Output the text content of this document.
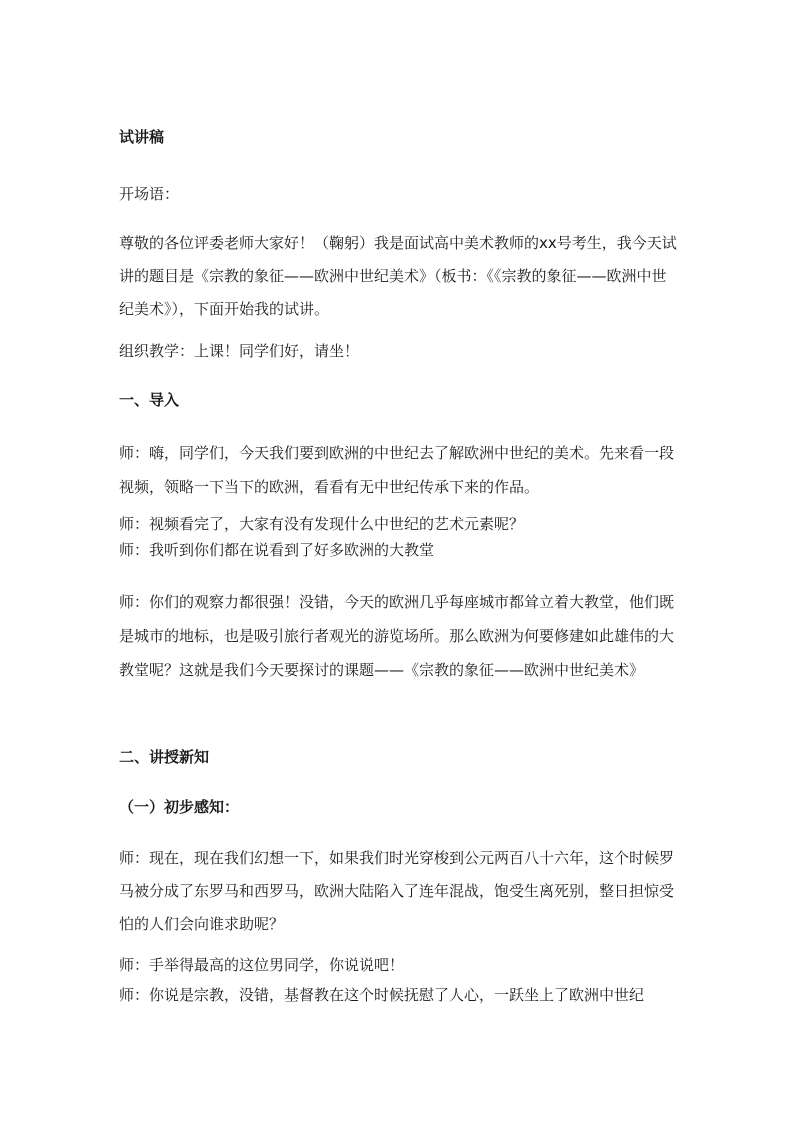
试讲稿

开场语：

尊敬的各位评委老师大家好！（鞠躬）我是面试高中美术教师的xx号考生，我今天试讲的题目是《宗教的象征——欧洲中世纪美术》（板书：《《宗教的象征——欧洲中世纪美术》），下面开始我的试讲。

组织教学：上课！同学们好，请坐！

一、导入

师：嗨，同学们，今天我们要到欧洲的中世纪去了解欧洲中世纪的美术。先来看一段视频，领略一下当下的欧洲，看看有无中世纪传承下来的作品。

师：视频看完了，大家有没有发现什么中世纪的艺术元素呢？

师：我听到你们都在说看到了好多欧洲的大教堂

师：你们的观察力都很强！没错，今天的欧洲几乎每座城市都耸立着大教堂，他们既是城市的地标，也是吸引旅行者观光的游览场所。那么欧洲为何要修建如此雄伟的大教堂呢？这就是我们今天要探讨的课题——《宗教的象征——欧洲中世纪美术》

二、讲授新知

（一）初步感知：

师：现在，现在我们幻想一下，如果我们时光穿梭到公元两百八十六年，这个时候罗马被分成了东罗马和西罗马，欧洲大陆陷入了连年混战，饱受生离死别，整日担惊受怕的人们会向谁求助呢？

师：手举得最高的这位男同学，你说说吧！

师：你说是宗教，没错，基督教在这个时候抚慰了人心，一跃坐上了欧洲中世纪
